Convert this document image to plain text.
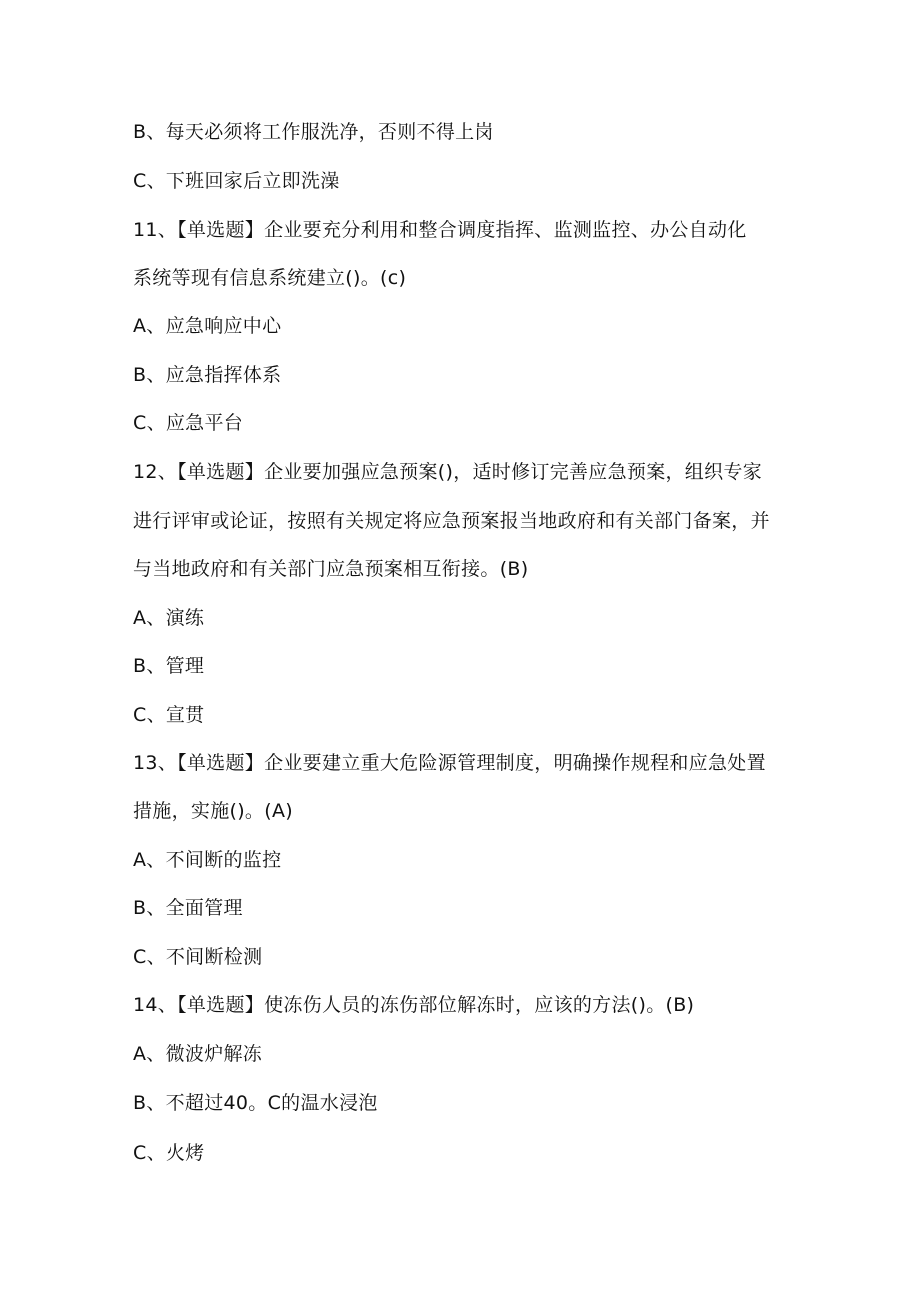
B、每天必须将工作服洗净，否则不得上岗
C、下班回家后立即洗澡
11、【单选题】企业要充分利用和整合调度指挥、监测监控、办公自动化
系统等现有信息系统建立()。(c)
A、应急响应中心
B、应急指挥体系
C、应急平台
12、【单选题】企业要加强应急预案()，适时修订完善应急预案，组织专家
进行评审或论证，按照有关规定将应急预案报当地政府和有关部门备案，并
与当地政府和有关部门应急预案相互衔接。(B)
A、演练
B、管理
C、宣贯
13、【单选题】企业要建立重大危险源管理制度，明确操作规程和应急处置
措施，实施()。(A)
A、不间断的监控
B、全面管理
C、不间断检测
14、【单选题】使冻伤人员的冻伤部位解冻时，应该的方法()。(B)
A、微波炉解冻
B、不超过40。C的温水浸泡
C、火烤
